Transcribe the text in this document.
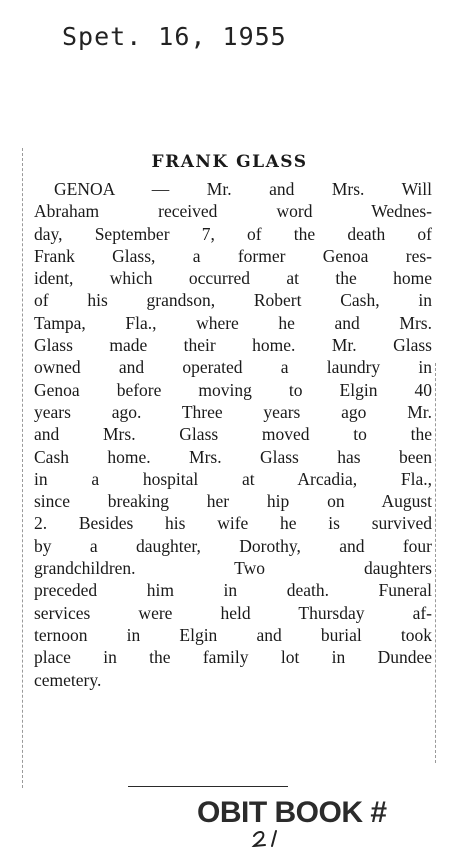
Spet. 16, 1955
FRANK GLASS
GENOA — Mr. and Mrs. Will
Abraham received word Wednes-
day, September 7, of the death of
Frank Glass, a former Genoa res-
ident, which occurred at the home
of his grandson, Robert Cash, in
Tampa, Fla., where he and Mrs.
Glass made their home. Mr. Glass
owned and operated a laundry in
Genoa before moving to Elgin 40
years ago. Three years ago Mr.
and Mrs. Glass moved to the
Cash home. Mrs. Glass has been
in a hospital at Arcadia, Fla.,
since breaking her hip on August
2. Besides his wife he is survived
by a daughter, Dorothy, and four
grandchildren. Two daughters
preceded him in death. Funeral
services were held Thursday af-
ternoon in Elgin and burial took
place in the family lot in Dundee
cemetery.
OBIT BOOK #
